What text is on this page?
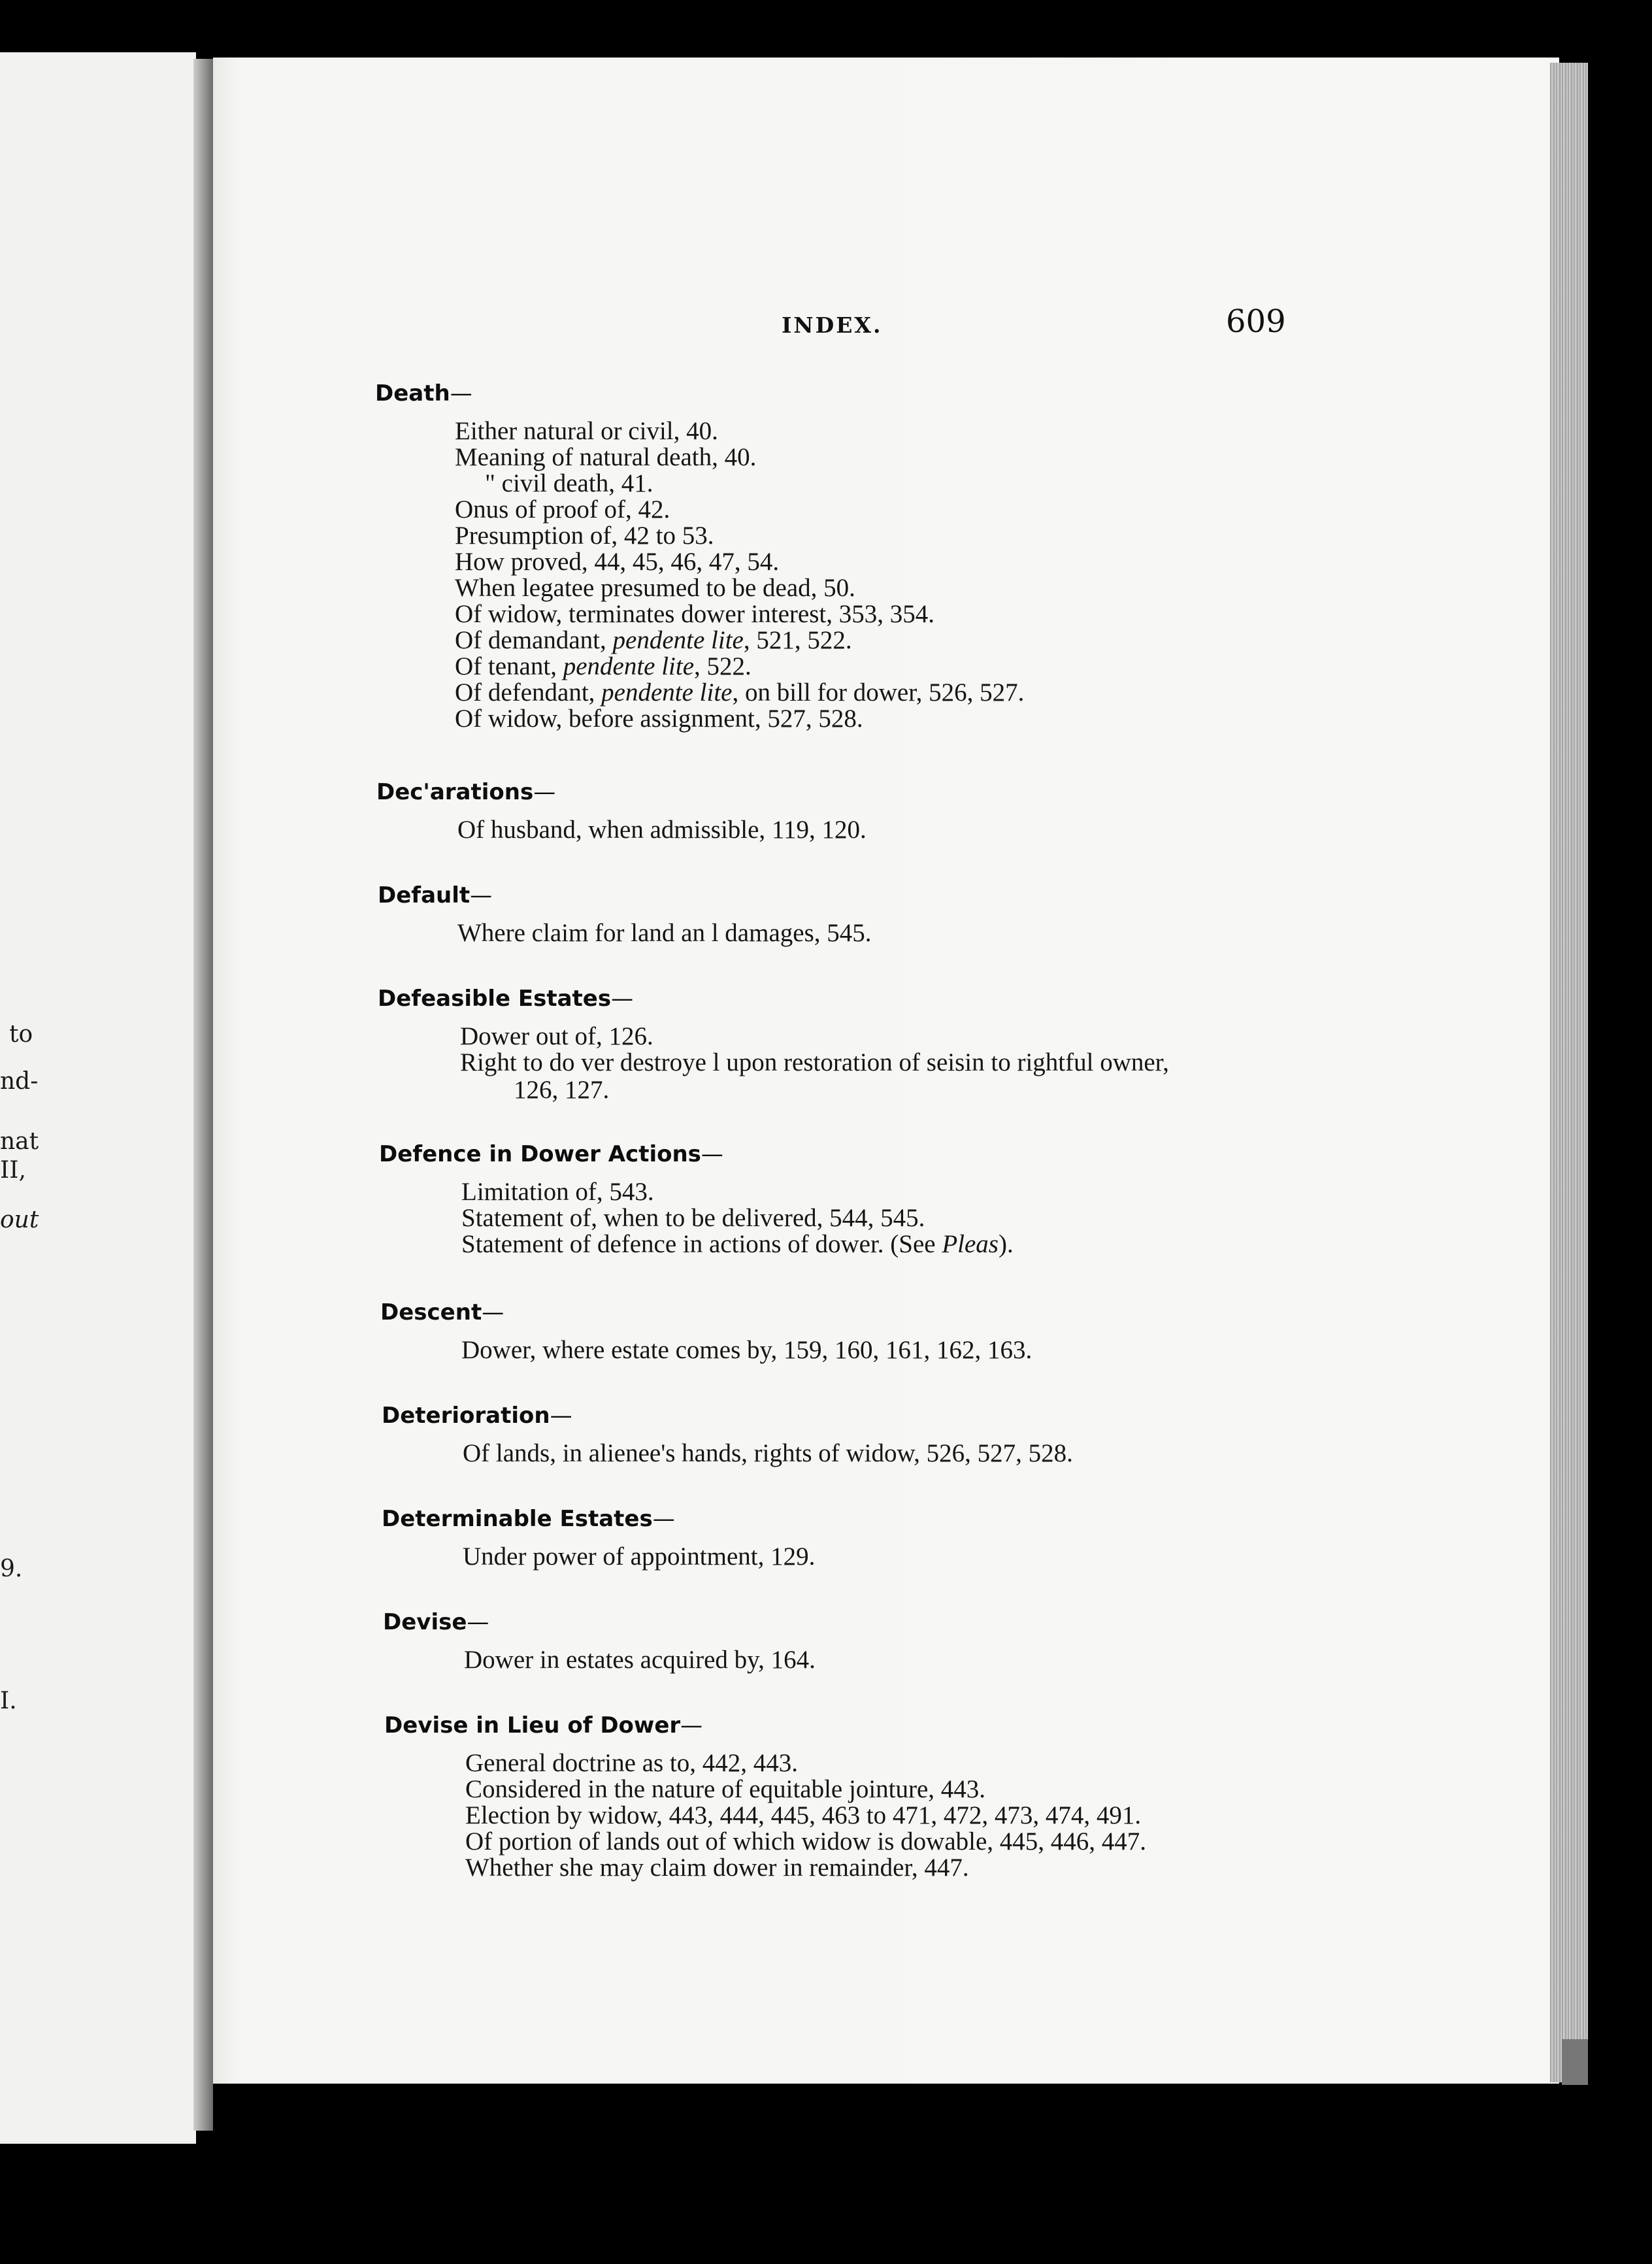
to
nd-
nat
II,
out
9.
I.
INDEX.	609
Death—
Either natural or civil, 40.
Meaning of natural death, 40.
" civil death, 41.
Onus of proof of, 42.
Presumption of, 42 to 53.
How proved, 44, 45, 46, 47, 54.
When legatee presumed to be dead, 50.
Of widow, terminates dower interest, 353, 354.
Of demandant, pendente lite, 521, 522.
Of tenant, pendente lite, 522.
Of defendant, pendente lite, on bill for dower, 526, 527.
Of widow, before assignment, 527, 528.
Dec'arations—
Of husband, when admissible, 119, 120.
Default—
Where claim for land an l damages, 545.
Defeasible Estates—
Dower out of, 126.
Right to do ver destroye l upon restoration of seisin to rightful owner,
126, 127.
Defence in Dower Actions—
Limitation of, 543.
Statement of, when to be delivered, 544, 545.
Statement of defence in actions of dower. (See Pleas).
Descent—
Dower, where estate comes by, 159, 160, 161, 162, 163.
Deterioration—
Of lands, in alienee's hands, rights of widow, 526, 527, 528.
Determinable Estates—
Under power of appointment, 129.
Devise—
Dower in estates acquired by, 164.
Devise in Lieu of Dower—
General doctrine as to, 442, 443.
Considered in the nature of equitable jointure, 443.
Election by widow, 443, 444, 445, 463 to 471, 472, 473, 474, 491.
Of portion of lands out of which widow is dowable, 445, 446, 447.
Whether she may claim dower in remainder, 447.
